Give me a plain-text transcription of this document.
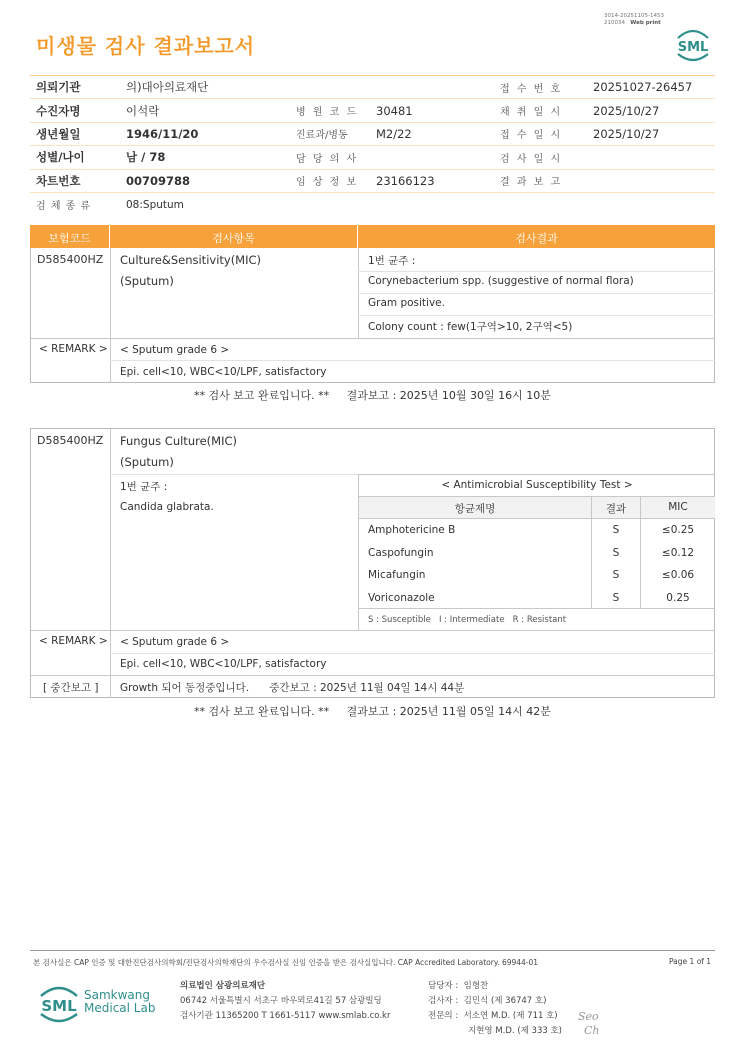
미생물 검사 결과보고서
3014-20251105-1453
210034 Web print
SML
의뢰기관	의)대아의료재단	접 수 번 호	20251027-26457
수진자명	이석락	병 원 코 드 30481	채 취 일 시	2025/10/27
생년월일	1946/11/20	진료과/병동 M2/22	접 수 일 시	2025/10/27
성별/나이	남 / 78	담 당 의 사	검 사 일 시
차트번호	00709788	임 상 정 보 23166123	결 과 보 고
검 체 종 류	08:Sputum
보험코드	검사항목	검사결과
D585400HZ Culture&Sensitivity(MIC)
(Sputum)
1번 균주 :
Corynebacterium spp. (suggestive of normal flora)
Gram positive.
Colony count : few(1구역>10, 2구역<5)
< REMARK > < Sputum grade 6 >
Epi. cell<10, WBC<10/LPF, satisfactory
** 검사 보고 완료입니다. ** 결과보고 : 2025년 10월 30일 16시 10분
D585400HZ Fungus Culture(MIC)
(Sputum)
1번 균주 :
Candida glabrata.
< Antimicrobial Susceptibility Test >
항균제명	결과	MIC
Amphotericine B	S	≤0.25
Caspofungin	S	≤0.12
Micafungin	S	≤0.06
Voriconazole	S	0.25
S : Susceptible   I : Intermediate   R : Resistant
< REMARK > < Sputum grade 6 >
Epi. cell<10, WBC<10/LPF, satisfactory
[ 중간보고 ] Growth 되어 동정중입니다. 중간보고 : 2025년 11월 04일 14시 44분
** 검사 보고 완료입니다. ** 결과보고 : 2025년 11월 05일 14시 42분
본 검사실은 CAP 인증 및 대한진단검사의학회/진단검사의학재단의 우수검사실 신임 인증을 받은 검사실입니다. CAP Accredited Laboratory. 69944-01	Page 1 of 1
SML
Samkwang
Medical Lab
의료법인 삼광의료재단
06742 서울특별시 서초구 바우뫼로41길 57 삼광빌딩
검사기관 11365200 T 1661-5117 www.smlab.co.kr
담당자 : 임형찬
검사자 : 김민식 (제 36747 호)
전문의 : 서소연 M.D. (제 711 호)
지현영 M.D. (제 333 호)
Seo
Ch
